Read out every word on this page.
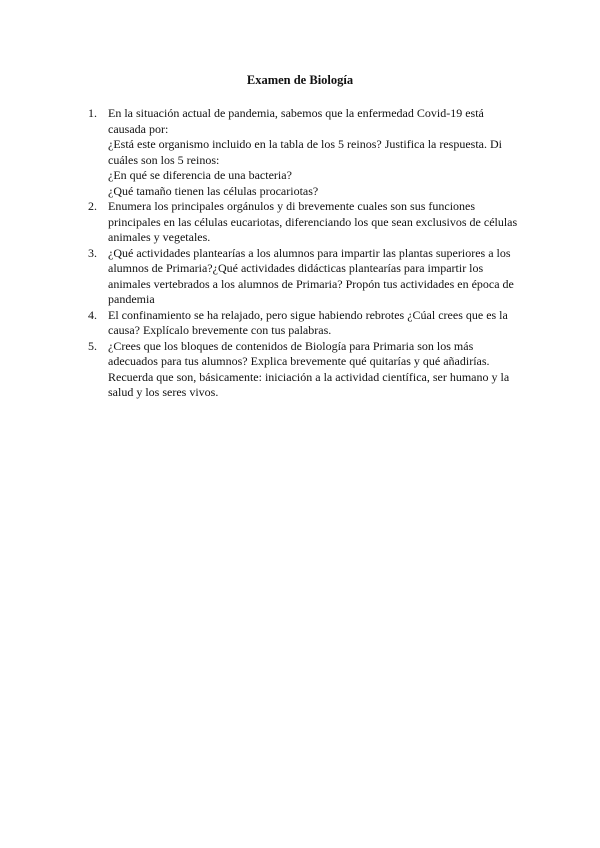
Examen de Biología
1. En la situación actual de pandemia, sabemos que la enfermedad Covid-19 está causada por:
¿Está este organismo incluido en la tabla de los 5 reinos? Justifica la respuesta. Di cuáles son los 5 reinos:
¿En qué se diferencia de una bacteria?
¿Qué tamaño tienen las células procariotas?
2. Enumera los principales orgánulos y di brevemente cuales son sus funciones principales en las células eucariotas, diferenciando los que sean exclusivos de células animales y vegetales.
3. ¿Qué actividades plantearías a los alumnos para impartir las plantas superiores a los alumnos de Primaria?¿Qué actividades didácticas plantearías para impartir los animales vertebrados a los alumnos de Primaria? Propón tus actividades en época de pandemia
4. El confinamiento se ha relajado, pero sigue habiendo rebrotes ¿Cúal crees que es la causa? Explícalo brevemente con tus palabras.
5. ¿Crees que los bloques de contenidos de Biología para Primaria son los más adecuados para tus alumnos? Explica brevemente qué quitarías y qué añadirías.
Recuerda que son, básicamente: iniciación a la actividad científica, ser humano y la salud y los seres vivos.
